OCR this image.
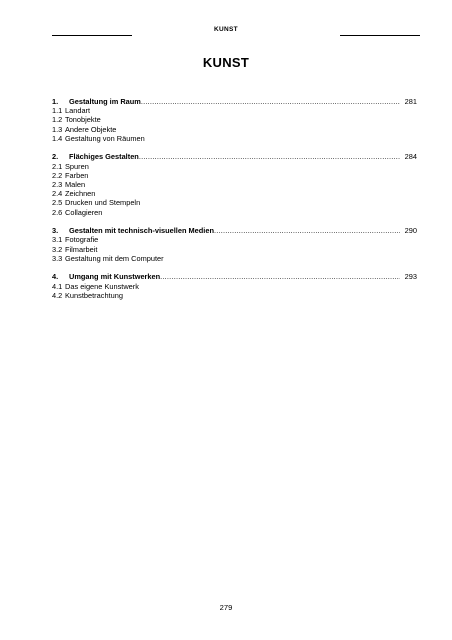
KUNST
KUNST
1.	Gestaltung im Raum .....	281
1.1 Landart
1.2 Tonobjekte
1.3 Andere Objekte
1.4 Gestaltung von Räumen
2.	Flächiges Gestalten .....	284
2.1 Spuren
2.2 Farben
2.3 Malen
2.4 Zeichnen
2.5 Drucken und Stempeln
2.6 Collagieren
3.	Gestalten mit technisch-visuellen Medien .....	290
3.1 Fotografie
3.2 Filmarbeit
3.3 Gestaltung mit dem Computer
4.	Umgang mit Kunstwerken .....	293
4.1 Das eigene Kunstwerk
4.2 Kunstbetrachtung
279
